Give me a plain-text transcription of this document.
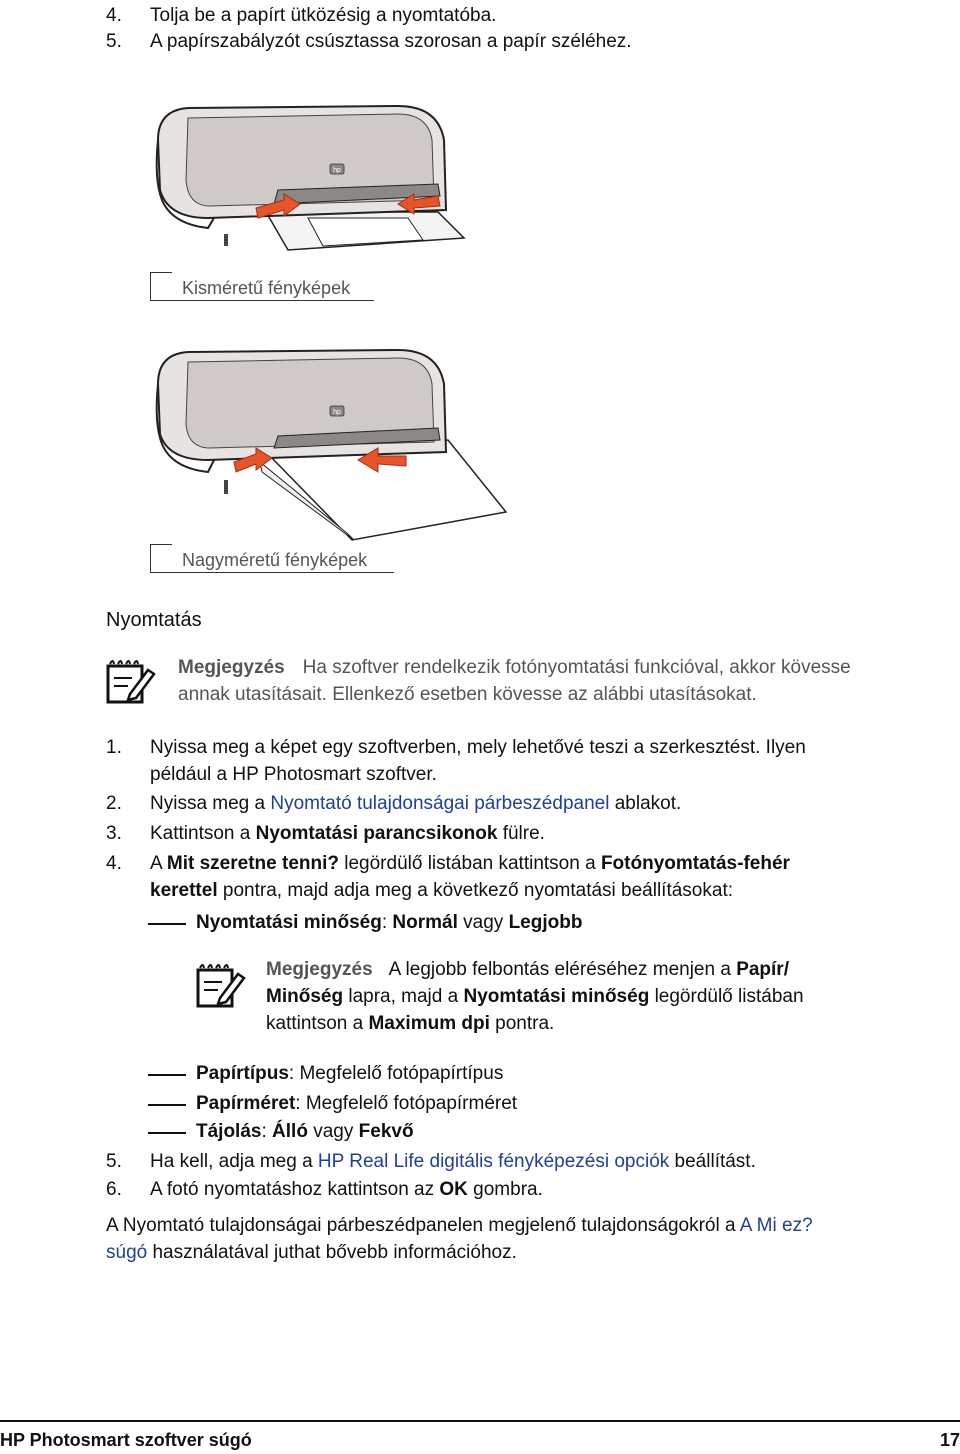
4. Tolja be a papírt ütközésig a nyomtatóba.
5. A papírszabályzót csúsztassa szorosan a papír széléhez.
hp
Kisméretű fényképek
hp
Nagyméretű fényképek
Nyomtatás
Megjegyzés Ha szoftver rendelkezik fotónyomtatási funkcióval, akkor kövesse
annak utasításait. Ellenkező esetben kövesse az alábbi utasításokat.
1. Nyissa meg a képet egy szoftverben, mely lehetővé teszi a szerkesztést. Ilyen
például a HP Photosmart szoftver.
2. Nyissa meg a Nyomtató tulajdonságai párbeszédpanel ablakot.
3. Kattintson a Nyomtatási parancsikonok fülre.
4. A Mit szeretne tenni? legördülő listában kattintson a Fotónyomtatás-fehér
kerettel pontra, majd adja meg a következő nyomtatási beállításokat:
Nyomtatási minőség: Normál vagy Legjobb
Megjegyzés A legjobb felbontás eléréséhez menjen a Papír/
Minőség lapra, majd a Nyomtatási minőség legördülő listában
kattintson a Maximum dpi pontra.
Papírtípus: Megfelelő fotópapírtípus
Papírméret: Megfelelő fotópapírméret
Tájolás: Álló vagy Fekvő
5. Ha kell, adja meg a HP Real Life digitális fényképezési opciók beállítást.
6. A fotó nyomtatáshoz kattintson az OK gombra.
A Nyomtató tulajdonságai párbeszédpanelen megjelenő tulajdonságokról a A Mi ez?
súgó használatával juthat bővebb információhoz.
HP Photosmart szoftver súgó	17
